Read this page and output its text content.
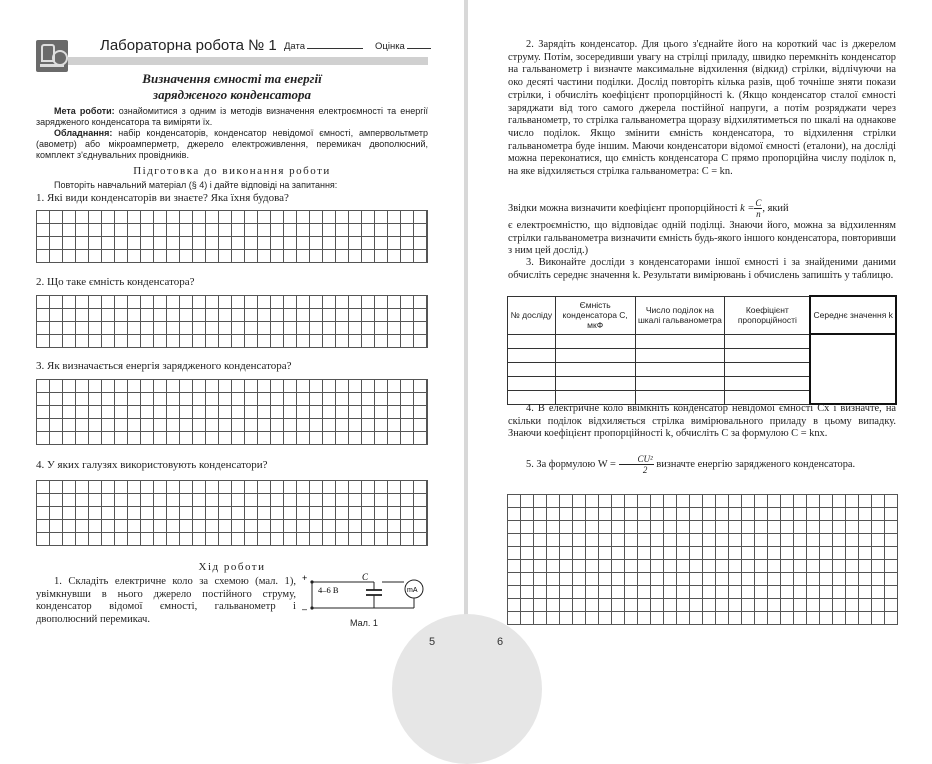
Лабораторна робота № 1 Дата	Оцінка
Визначення ємності та енергії
зарядженого конденсатора
Мета роботи: ознайомитися з одним із методів визначення електроємності та енергії зарядженого конденсатора та виміряти їх.
Обладнання: набір конденсаторів, конденсатор невідомої ємності, ампервольтметр (авометр) або мікроамперметр, джерело електроживлення, перемикач двополюсний, комплект з'єднувальних провідників.
Підготовка до виконання роботи
Повторіть навчальний матеріал (§ 4) і дайте відповіді на запитання:
1. Які види конденсаторів ви знаєте? Яка їхня будова?
2. Що таке ємність конденсатора?
3. Як визначається енергія зарядженого конденсатора?
4. У яких галузях використовують конденсатори?
Хід роботи
1. Складіть електричне коло за схемою (мал. 1), увімкнувши в нього джерело постійного струму, конденсатор відомої ємності, гальванометр і двополюсний перемикач.
+
–
4–6 В
C
mA
Мал. 1
5	6
2. Зарядіть конденсатор. Для цього з'єднайте його на короткий час із джерелом струму. Потім, зосередивши увагу на стрілці приладу, швидко перемкніть конденсатор на гальванометр і визначте максимальне відхилення (відкид) стрілки, відлічуючи на око десяті частини поділки. Дослід повторіть кілька разів, щоб точніше зняти покази стрілки, і обчисліть коефіцієнт пропорційності k. (Якщо конденсатор сталої ємності заряджати від того самого джерела постійної напруги, а потім розряджати через гальванометр, то стрілка гальванометра щоразу відхилятиметься по шкалі на однакове число поділок. Якщо змінити ємність конденсатора, то відхилення стрілки гальванометра буде іншим. Маючи конденсатори відомої ємності (еталони), на досліді можна переконатися, що ємність конденсатора C прямо пропорційна числу поділок n, на яке відхиляється стрілка гальванометра: C = kn.
Звідки можна визначити коефіцієнт пропорційності $k = \frac{C}{n}$ , який
є електроємністю, що відповідає одній поділці. Знаючи його, можна за відхиленням стрілки гальванометра визначити ємність будь-якого іншого конденсатора, повторивши з ним цей дослід.)
3. Виконайте досліди з конденсаторами іншої ємності і за знайденими даними обчисліть середнє значення k. Результати вимірювань і обчислень запишіть у таблицю.
№ досліду	Ємність конденсатора C, мкФ	Число поділок на шкалі гальванометра	Коефіцієнт пропорційності	Середнє значення k

4. В електричне коло ввімкніть конденсатор невідомої ємності Cx і визначте, на скільки поділок відхиляється стрілка вимірювального приладу в цьому випадку. Знаючи коефіцієнт пропорційності k, обчисліть C за формулою C = knx.
5. За формулою $W = \frac{\text{CU²}}{2}$ визначте енергію зарядженого конденсатора.
